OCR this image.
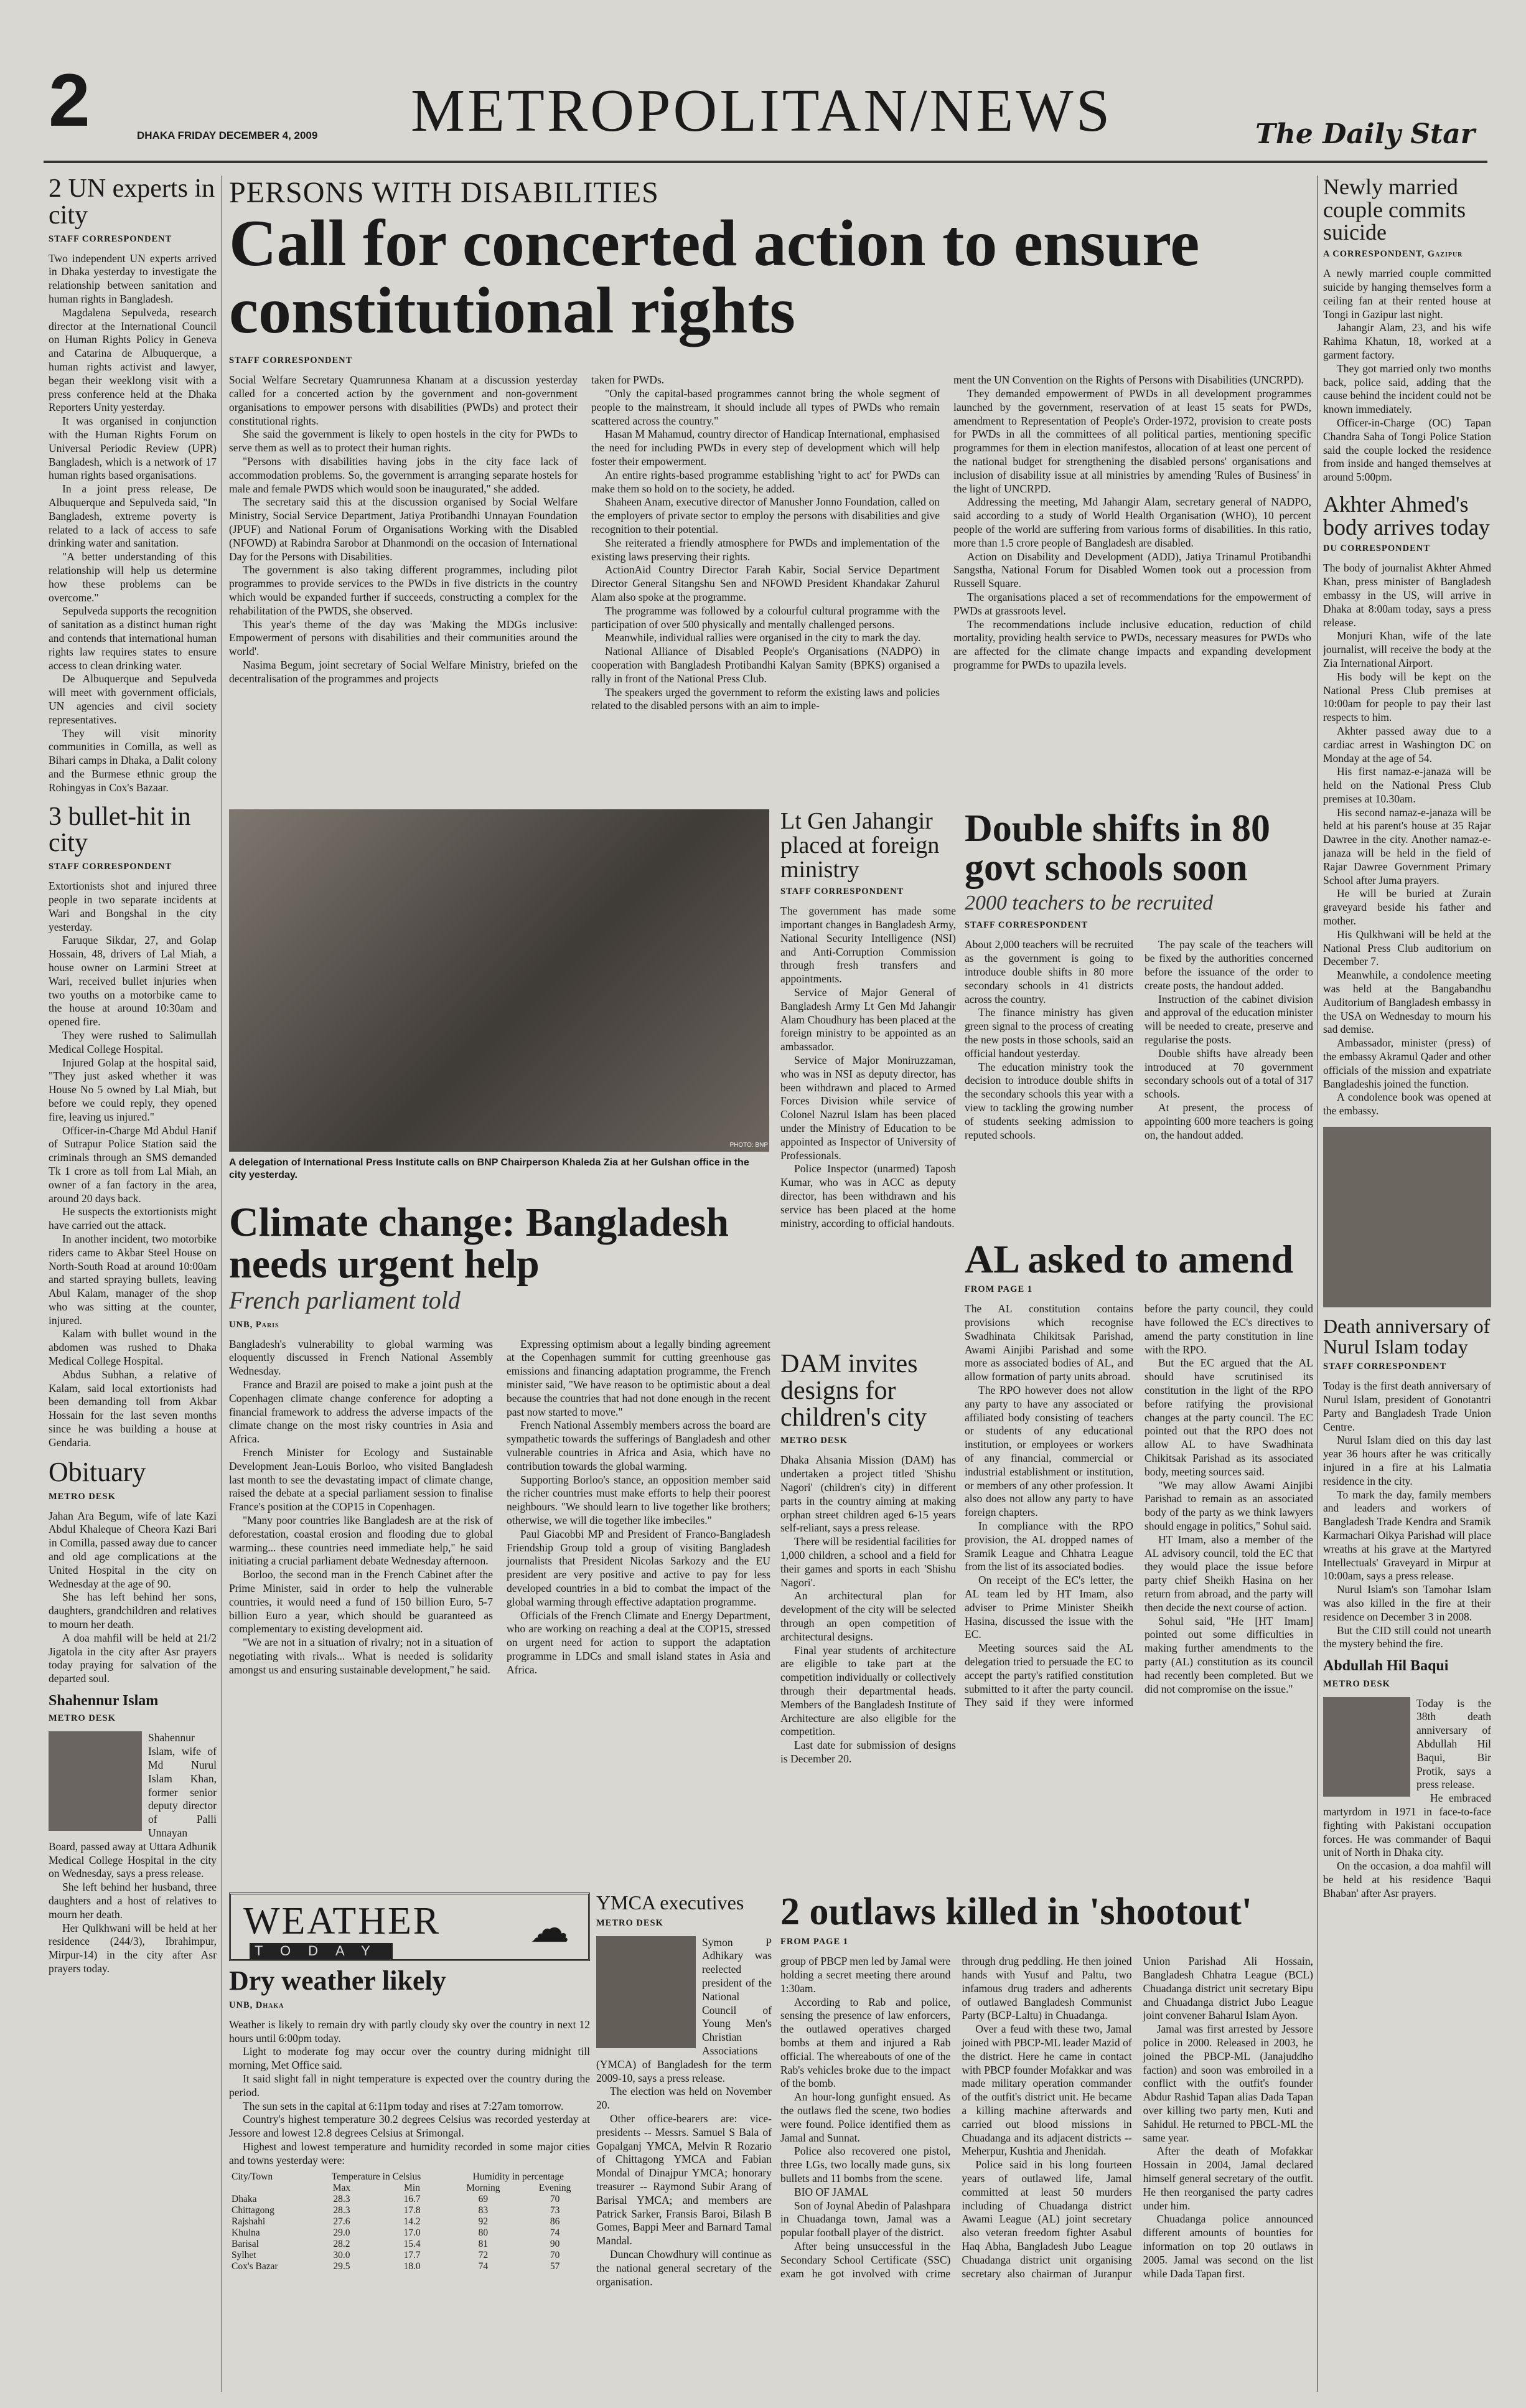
2	DHAKA FRIDAY DECEMBER 4, 2009 METROPOLITAN/NEWS	The Daily Star
2 UN experts in city
STAFF CORRESPONDENT

Two independent UN experts arrived in Dhaka yesterday to investigate the relationship between sanitation and human rights in Bangladesh.

Magdalena Sepulveda, research director at the International Council on Human Rights Policy in Geneva and Catarina de Albuquerque, a human rights activist and lawyer, began their weeklong visit with a press conference held at the Dhaka Reporters Unity yesterday.

It was organised in conjunction with the Human Rights Forum on Universal Periodic Review (UPR) Bangladesh, which is a network of 17 human rights based organisations.

In a joint press release, De Albuquerque and Sepulveda said, "In Bangladesh, extreme poverty is related to a lack of access to safe drinking water and sanitation.

"A better understanding of this relationship will help us determine how these problems can be overcome."

Sepulveda supports the recognition of sanitation as a distinct human right and contends that international human rights law requires states to ensure access to clean drinking water.

De Albuquerque and Sepulveda will meet with government officials, UN agencies and civil society representatives.

They will visit minority communities in Comilla, as well as Bihari camps in Dhaka, a Dalit colony and the Burmese ethnic group the Rohingyas in Cox's Bazaar.

3 bullet-hit in city
STAFF CORRESPONDENT

Extortionists shot and injured three people in two separate incidents at Wari and Bongshal in the city yesterday.

Faruque Sikdar, 27, and Golap Hossain, 48, drivers of Lal Miah, a house owner on Larmini Street at Wari, received bullet injuries when two youths on a motorbike came to the house at around 10:30am and opened fire.

They were rushed to Salimullah Medical College Hospital.

Injured Golap at the hospital said, "They just asked whether it was House No 5 owned by Lal Miah, but before we could reply, they opened fire, leaving us injured."

Officer-in-Charge Md Abdul Hanif of Sutrapur Police Station said the criminals through an SMS demanded Tk 1 crore as toll from Lal Miah, an owner of a fan factory in the area, around 20 days back.

He suspects the extortionists might have carried out the attack.

In another incident, two motorbike riders came to Akbar Steel House on North-South Road at around 10:00am and started spraying bullets, leaving Abul Kalam, manager of the shop who was sitting at the counter, injured.

Kalam with bullet wound in the abdomen was rushed to Dhaka Medical College Hospital.

Abdus Subhan, a relative of Kalam, said local extortionists had been demanding toll from Akbar Hossain for the last seven months since he was building a house at Gendaria.

Obituary
METRO DESK

Jahan Ara Begum, wife of late Kazi Abdul Khaleque of Cheora Kazi Bari in Comilla, passed away due to cancer and old age complications at the United Hospital in the city on Wednesday at the age of 90.

She has left behind her sons, daughters, grandchildren and relatives to mourn her death.

A doa mahfil will be held at 21/2 Jigatola in the city after Asr prayers today praying for salvation of the departed soul.

Shahennur Islam
METRO DESK

Shahennur Islam, wife of Md Nurul Islam Khan, former senior deputy director of Palli Unnayan Board, passed away at Uttara Adhunik Medical College Hospital in the city on Wednesday, says a press release.

She left behind her husband, three daughters and a host of relatives to mourn her death.

Her Qulkhwani will be held at her residence (244/3), Ibrahimpur, Mirpur-14) in the city after Asr prayers today.

PERSONS WITH DISABILITIES
Call for concerted action to ensure constitutional rights
STAFF CORRESPONDENT

Social Welfare Secretary Quamrunnesa Khanam at a discussion yesterday called for a concerted action by the government and non-government organisations to empower persons with disabilities (PWDs) and protect their constitutional rights.

She said the government is likely to open hostels in the city for PWDs to serve them as well as to protect their human rights.

"Persons with disabilities having jobs in the city face lack of accommodation problems. So, the government is arranging separate hostels for male and female PWDS which would soon be inaugurated," she added.

The secretary said this at the discussion organised by Social Welfare Ministry, Social Service Department, Jatiya Protibandhi Unnayan Foundation (JPUF) and National Forum of Organisations Working with the Disabled (NFOWD) at Rabindra Sarobor at Dhanmondi on the occasion of International Day for the Persons with Disabilities.

The government is also taking different programmes, including pilot programmes to provide services to the PWDs in five districts in the country which would be expanded further if succeeds, constructing a complex for the rehabilitation of the PWDS, she observed.

This year's theme of the day was 'Making the MDGs inclusive: Empowerment of persons with disabilities and their communities around the world'.

Nasima Begum, joint secretary of Social Welfare Ministry, briefed on the decentralisation of the programmes and projects

taken for PWDs.

"Only the capital-based programmes cannot bring the whole segment of people to the mainstream, it should include all types of PWDs who remain scattered across the country."

Hasan M Mahamud, country director of Handicap International, emphasised the need for including PWDs in every step of development which will help foster their empowerment.

An entire rights-based programme establishing 'right to act' for PWDs can make them so hold on to the society, he added.

Shaheen Anam, executive director of Manusher Jonno Foundation, called on the employers of private sector to employ the persons with disabilities and give recognition to their potential.

She reiterated a friendly atmosphere for PWDs and implementation of the existing laws preserving their rights.

ActionAid Country Director Farah Kabir, Social Service Department Director General Sitangshu Sen and NFOWD President Khandakar Zahurul Alam also spoke at the programme.

The programme was followed by a colourful cultural programme with the participation of over 500 physically and mentally challenged persons.

Meanwhile, individual rallies were organised in the city to mark the day.

National Alliance of Disabled People's Organisations (NADPO) in cooperation with Bangladesh Protibandhi Kalyan Samity (BPKS) organised a rally in front of the National Press Club.

The speakers urged the government to reform the existing laws and policies related to the disabled persons with an aim to imple-

ment the UN Convention on the Rights of Persons with Disabilities (UNCRPD).

They demanded empowerment of PWDs in all development programmes launched by the government, reservation of at least 15 seats for PWDs, amendment to Representation of People's Order-1972, provision to create posts for PWDs in all the committees of all political parties, mentioning specific programmes for them in election manifestos, allocation of at least one percent of the national budget for strengthening the disabled persons' organisations and inclusion of disability issue at all ministries by amending 'Rules of Business' in the light of UNCRPD.

Addressing the meeting, Md Jahangir Alam, secretary general of NADPO, said according to a study of World Health Organisation (WHO), 10 percent people of the world are suffering from various forms of disabilities. In this ratio, more than 1.5 crore people of Bangladesh are disabled.

Action on Disability and Development (ADD), Jatiya Trinamul Protibandhi Sangstha, National Forum for Disabled Women took out a procession from Russell Square.

The organisations placed a set of recommendations for the empowerment of PWDs at grassroots level.

The recommendations include inclusive education, reduction of child mortality, providing health service to PWDs, necessary measures for PWDs who are affected for the climate change impacts and expanding development programme for PWDs to upazila levels.

PHOTO: BNP
A delegation of International Press Institute calls on BNP Chairperson Khaleda Zia at her Gulshan office in the city yesterday.
Lt Gen Jahangir placed at foreign ministry
STAFF CORRESPONDENT

The government has made some important changes in Bangladesh Army, National Security Intelligence (NSI) and Anti-Corruption Commission through fresh transfers and appointments.

Service of Major General of Bangladesh Army Lt Gen Md Jahangir Alam Choudhury has been placed at the foreign ministry to be appointed as an ambassador.

Service of Major Moniruzzaman, who was in NSI as deputy director, has been withdrawn and placed to Armed Forces Division while service of Colonel Nazrul Islam has been placed under the Ministry of Education to be appointed as Inspector of University of Professionals.

Police Inspector (unarmed) Taposh Kumar, who was in ACC as deputy director, has been withdrawn and his service has been placed at the home ministry, according to official handouts.

Double shifts in 80 govt schools soon
2000 teachers to be recruited
STAFF CORRESPONDENT

About 2,000 teachers will be recruited as the government is going to introduce double shifts in 80 more secondary schools in 41 districts across the country.

The finance ministry has given green signal to the process of creating the new posts in those schools, said an official handout yesterday.

The education ministry took the decision to introduce double shifts in the secondary schools this year with a view to tackling the growing number of students seeking admission to reputed schools.

The pay scale of the teachers will be fixed by the authorities concerned before the issuance of the order to create posts, the handout added.

Instruction of the cabinet division and approval of the education minister will be needed to create, preserve and regularise the posts.

Double shifts have already been introduced at 70 government secondary schools out of a total of 317 schools.

At present, the process of appointing 600 more teachers is going on, the handout added.

Climate change: Bangladesh needs urgent help
French parliament told
UNB, Paris

Bangladesh's vulnerability to global warming was eloquently discussed in French National Assembly Wednesday.

France and Brazil are poised to make a joint push at the Copenhagen climate change conference for adopting a financial framework to address the adverse impacts of the climate change on the most risky countries in Asia and Africa.

French Minister for Ecology and Sustainable Development Jean-Louis Borloo, who visited Bangladesh last month to see the devastating impact of climate change, raised the debate at a special parliament session to finalise France's position at the COP15 in Copenhagen.

"Many poor countries like Bangladesh are at the risk of deforestation, coastal erosion and flooding due to global warming... these countries need immediate help," he said initiating a crucial parliament debate Wednesday afternoon.

Borloo, the second man in the French Cabinet after the Prime Minister, said in order to help the vulnerable countries, it would need a fund of 150 billion Euro, 5-7 billion Euro a year, which should be guaranteed as complementary to existing development aid.

"We are not in a situation of rivalry; not in a situation of negotiating with rivals... What is needed is solidarity amongst us and ensuring sustainable development," he said.

Expressing optimism about a legally binding agreement at the Copenhagen summit for cutting greenhouse gas emissions and financing adaptation programme, the French minister said, "We have reason to be optimistic about a deal because the countries that had not done enough in the recent past now started to move."

French National Assembly members across the board are sympathetic towards the sufferings of Bangladesh and other vulnerable countries in Africa and Asia, which have no contribution towards the global warming.

Supporting Borloo's stance, an opposition member said the richer countries must make efforts to help their poorest neighbours. "We should learn to live together like brothers; otherwise, we will die together like imbeciles."

Paul Giacobbi MP and President of Franco-Bangladesh Friendship Group told a group of visiting Bangladesh journalists that President Nicolas Sarkozy and the EU president are very positive and active to pay for less developed countries in a bid to combat the impact of the global warming through effective adaptation programme.

Officials of the French Climate and Energy Department, who are working on reaching a deal at the COP15, stressed on urgent need for action to support the adaptation programme in LDCs and small island states in Asia and Africa.

DAM invites designs for children's city
METRO DESK

Dhaka Ahsania Mission (DAM) has undertaken a project titled 'Shishu Nagori' (children's city) in different parts in the country aiming at making orphan street children aged 6-15 years self-reliant, says a press release.

There will be residential facilities for 1,000 children, a school and a field for their games and sports in each 'Shishu Nagori'.

An architectural plan for development of the city will be selected through an open competition of architectural designs.

Final year students of architecture are eligible to take part at the competition individually or collectively through their departmental heads. Members of the Bangladesh Institute of Architecture are also eligible for the competition.

Last date for submission of designs is December 20.

AL asked to amend
FROM PAGE 1

The AL constitution contains provisions which recognise Swadhinata Chikitsak Parishad, Awami Ainjibi Parishad and some more as associated bodies of AL, and allow formation of party units abroad.

The RPO however does not allow any party to have any associated or affiliated body consisting of teachers or students of any educational institution, or employees or workers of any financial, commercial or industrial establishment or institution, or members of any other profession. It also does not allow any party to have foreign chapters.

In compliance with the RPO provision, the AL dropped names of Sramik League and Chhatra League from the list of its associated bodies.

On receipt of the EC's letter, the AL team led by HT Imam, also adviser to Prime Minister Sheikh Hasina, discussed the issue with the EC.

Meeting sources said the AL delegation tried to persuade the EC to accept the party's ratified constitution submitted to it after the party council. They said if they were informed before the party council, they could have followed the EC's directives to amend the party constitution in line with the RPO.

But the EC argued that the AL should have scrutinised its constitution in the light of the RPO before ratifying the provisional changes at the party council. The EC pointed out that the RPO does not allow AL to have Swadhinata Chikitsak Parishad as its associated body, meeting sources said.

"We may allow Awami Ainjibi Parishad to remain as an associated body of the party as we think lawyers should engage in politics," Sohul said.

HT Imam, also a member of the AL advisory council, told the EC that they would place the issue before party chief Sheikh Hasina on her return from abroad, and the party will then decide the next course of action.

Sohul said, "He [HT Imam] pointed out some difficulties in making further amendments to the party (AL) constitution as its council had recently been completed. But we did not compromise on the issue."

WEATHER
TODAY
☁
Dry weather likely
UNB, Dhaka

Weather is likely to remain dry with partly cloudy sky over the country in next 12 hours until 6:00pm today.

Light to moderate fog may occur over the country during midnight till morning, Met Office said.

It said slight fall in night temperature is expected over the country during the period.

The sun sets in the capital at 6:11pm today and rises at 7:27am tomorrow.

Country's highest temperature 30.2 degrees Celsius was recorded yesterday at Jessore and lowest 12.8 degrees Celsius at Srimongal.

Highest and lowest temperature and humidity recorded in some major cities and towns yesterday were:

City/Town	Temperature in Celsius		Humidity in percentage	
	Max	Min	Morning	Evening
Dhaka	28.3	16.7	69	70
Chittagong	28.3	17.8	83	73
Rajshahi	27.6	14.2	92	86
Khulna	29.0	17.0	80	74
Barisal	28.2	15.4	81	90
Sylhet	30.0	17.7	72	70
Cox's Bazar	29.5	18.0	74	57
YMCA executives
METRO DESK

Symon P Adhikary was reelected president of the National Council of Young Men's Christian Associations (YMCA) of Bangladesh for the term 2009-10, says a press release.

The election was held on November 20.

Other office-bearers are: vice-presidents -- Messrs. Samuel S Bala of Gopalganj YMCA, Melvin R Rozario of Chittagong YMCA and Fabian Mondal of Dinajpur YMCA; honorary treasurer -- Raymond Subir Arang of Barisal YMCA; and members are Patrick Sarker, Fransis Baroi, Bilash B Gomes, Bappi Meer and Barnard Tamal Mandal.

Duncan Chowdhury will continue as the national general secretary of the organisation.

2 outlaws killed in 'shootout'
FROM PAGE 1

group of PBCP men led by Jamal were holding a secret meeting there around 1:30am.

According to Rab and police, sensing the presence of law enforcers, the outlawed operatives charged bombs at them and injured a Rab official. The whereabouts of one of the Rab's vehicles broke due to the impact of the bomb.

An hour-long gunfight ensued. As the outlaws fled the scene, two bodies were found. Police identified them as Jamal and Sunnat.

Police also recovered one pistol, three LGs, two locally made guns, six bullets and 11 bombs from the scene.

BIO OF JAMAL

Son of Joynal Abedin of Palashpara in Chuadanga town, Jamal was a popular football player of the district.

After being unsuccessful in the Secondary School Certificate (SSC) exam he got involved with crime through drug peddling. He then joined hands with Yusuf and Paltu, two infamous drug traders and adherents of outlawed Bangladesh Communist Party (BCP-Laltu) in Chuadanga.

Over a feud with these two, Jamal joined with PBCP-ML leader Mazid of the district. Here he came in contact with PBCP founder Mofakkar and was made military operation commander of the outfit's district unit. He became a killing machine afterwards and carried out blood missions in Chuadanga and its adjacent districts -- Meherpur, Kushtia and Jhenidah.

Police said in his long fourteen years of outlawed life, Jamal committed at least 50 murders including of Chuadanga district Awami League (AL) joint secretary also veteran freedom fighter Asabul Haq Abha, Bangladesh Jubo League Chuadanga district unit organising secretary also chairman of Juranpur Union Parishad Ali Hossain, Bangladesh Chhatra League (BCL) Chuadanga district unit secretary Bipu and Chuadanga district Jubo League joint convener Baharul Islam Ayon.

Jamal was first arrested by Jessore police in 2000. Released in 2003, he joined the PBCP-ML (Janajuddho faction) and soon was embroiled in a conflict with the outfit's founder Abdur Rashid Tapan alias Dada Tapan over killing two party men, Kuti and Sahidul. He returned to PBCL-ML the same year.

After the death of Mofakkar Hossain in 2004, Jamal declared himself general secretary of the outfit. He then reorganised the party cadres under him.

Chuadanga police announced different amounts of bounties for information on top 20 outlaws in 2005. Jamal was second on the list while Dada Tapan first.

Newly married couple commits suicide
A CORRESPONDENT, Gazipur

A newly married couple committed suicide by hanging themselves form a ceiling fan at their rented house at Tongi in Gazipur last night.

Jahangir Alam, 23, and his wife Rahima Khatun, 18, worked at a garment factory.

They got married only two months back, police said, adding that the cause behind the incident could not be known immediately.

Officer-in-Charge (OC) Tapan Chandra Saha of Tongi Police Station said the couple locked the residence from inside and hanged themselves at around 5:00pm.

Akhter Ahmed's body arrives today
DU CORRESPONDENT

The body of journalist Akhter Ahmed Khan, press minister of Bangladesh embassy in the US, will arrive in Dhaka at 8:00am today, says a press release.

Monjuri Khan, wife of the late journalist, will receive the body at the Zia International Airport.

His body will be kept on the National Press Club premises at 10:00am for people to pay their last respects to him.

Akhter passed away due to a cardiac arrest in Washington DC on Monday at the age of 54.

His first namaz-e-janaza will be held on the National Press Club premises at 10.30am.

His second namaz-e-janaza will be held at his parent's house at 35 Rajar Dawree in the city. Another namaz-e-janaza will be held in the field of Rajar Dawree Government Primary School after Juma prayers.

He will be buried at Zurain graveyard beside his father and mother.

His Qulkhwani will be held at the National Press Club auditorium on December 7.

Meanwhile, a condolence meeting was held at the Bangabandhu Auditorium of Bangladesh embassy in the USA on Wednesday to mourn his sad demise.

Ambassador, minister (press) of the embassy Akramul Qader and other officials of the mission and expatriate Bangladeshis joined the function.

A condolence book was opened at the embassy.

Death anniversary of Nurul Islam today
STAFF CORRESPONDENT

Today is the first death anniversary of Nurul Islam, president of Gonotantri Party and Bangladesh Trade Union Centre.

Nurul Islam died on this day last year 36 hours after he was critically injured in a fire at his Lalmatia residence in the city.

To mark the day, family members and leaders and workers of Bangladesh Trade Kendra and Sramik Karmachari Oikya Parishad will place wreaths at his grave at the Martyred Intellectuals' Graveyard in Mirpur at 10:00am, says a press release.

Nurul Islam's son Tamohar Islam was also killed in the fire at their residence on December 3 in 2008.

But the CID still could not unearth the mystery behind the fire.

Abdullah Hil Baqui
METRO DESK

Today is the 38th death anniversary of Abdullah Hil Baqui, Bir Protik, says a press release.

He embraced martyrdom in 1971 in face-to-face fighting with Pakistani occupation forces. He was commander of Baqui unit of North in Dhaka city.

On the occasion, a doa mahfil will be held at his residence 'Baqui Bhaban' after Asr prayers.
